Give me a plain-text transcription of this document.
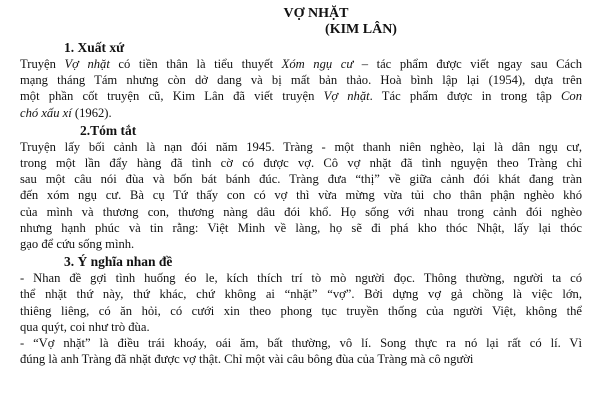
VỢ NHẶT
(KIM LÂN)
1. Xuất xứ
Truyện Vợ nhặt có tiền thân là tiểu thuyết Xóm ngụ cư – tác phẩm được viết ngay sau Cách
mạng tháng Tám nhưng còn dở dang và bị mất bản thảo. Hoà bình lập lại (1954), dựa trên
một phần cốt truyện cũ, Kim Lân đã viết truyện Vợ nhặt. Tác phẩm được in trong tập Con
chó xấu xí (1962).
2.Tóm tắt
Truyện lấy bối cảnh là nạn đói năm 1945. Tràng - một thanh niên nghèo, lại là dân ngụ cư,
trong một lần đẩy hàng đã tình cờ có được vợ. Cô vợ nhặt đã tình nguyện theo Tràng chỉ
sau một câu nói đùa và bốn bát bánh đúc. Tràng đưa “thị” về giữa cảnh đói khát đang tràn
đến xóm ngụ cư. Bà cụ Tứ thấy con có vợ thì vừa mừng vừa tủi cho thân phận nghèo khó
của mình và thương con, thương nàng dâu đói khổ. Họ sống với nhau trong cảnh đói nghèo
nhưng hạnh phúc và tin rằng: Việt Minh về làng, họ sẽ đi phá kho thóc Nhật, lấy lại thóc
gạo để cứu sống mình.
3. Ý nghĩa nhan đề
- Nhan đề gợi tình huống éo le, kích thích trí tò mò người đọc. Thông thường, người ta có
thể nhặt thứ này, thứ khác, chứ không ai “nhặt” “vợ”. Bởi dựng vợ gả chồng là việc lớn,
thiêng liêng, có ăn hỏi, có cưới xin theo phong tục truyền thống của người Việt, không thể
qua quýt, coi như trò đùa.
- “Vợ nhặt” là điều trái khoáy, oái ăm, bất thường, vô lí. Song thực ra nó lại rất có lí. Vì
đúng là anh Tràng đã nhặt được vợ thật. Chỉ một vài câu bông đùa của Tràng mà cô người
